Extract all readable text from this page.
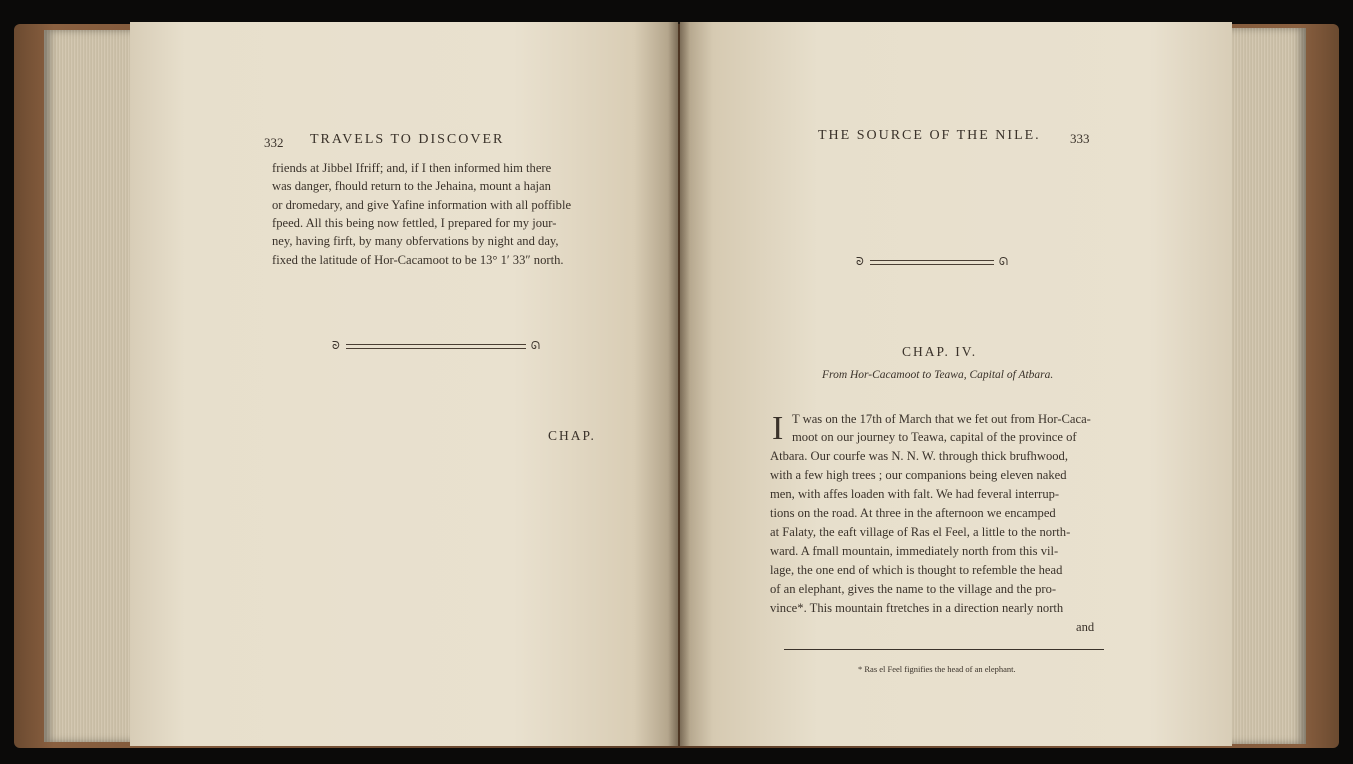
332 TRAVELS TO DISCOVER
friends at Jibbel Ifriff; and, if I then informed him there
was danger, fhould return to the Jehaina, mount a hajan
or dromedary, and give Yafine information with all poffible
fpeed. All this being now fettled, I prepared for my jour-
ney, having firft, by many obfervations by night and day,
fixed the latitude of Hor-Cacamoot to be 13° 1′ 33″ north.
ᘐ	ᘏ
CHAP.
THE SOURCE OF THE NILE. 333
ᘐ	ᘏ
CHAP. IV.
From Hor-Cacamoot to Teawa, Capital of Atbara.
I T was on the 17th of March that we fet out from Hor-Caca-
moot on our journey to Teawa, capital of the province of
Atbara. Our courfe was N. N. W. through thick brufhwood,
with a few high trees ; our companions being eleven naked
men, with affes loaden with falt. We had feveral interrup-
tions on the road. At three in the afternoon we encamped
at Falaty, the eaft village of Ras el Feel, a little to the north-
ward. A fmall mountain, immediately north from this vil-
lage, the one end of which is thought to refemble the head
of an elephant, gives the name to the village and the pro-
vince*. This mountain ftretches in a direction nearly north
and
* Ras el Feel fignifies the head of an elephant.
